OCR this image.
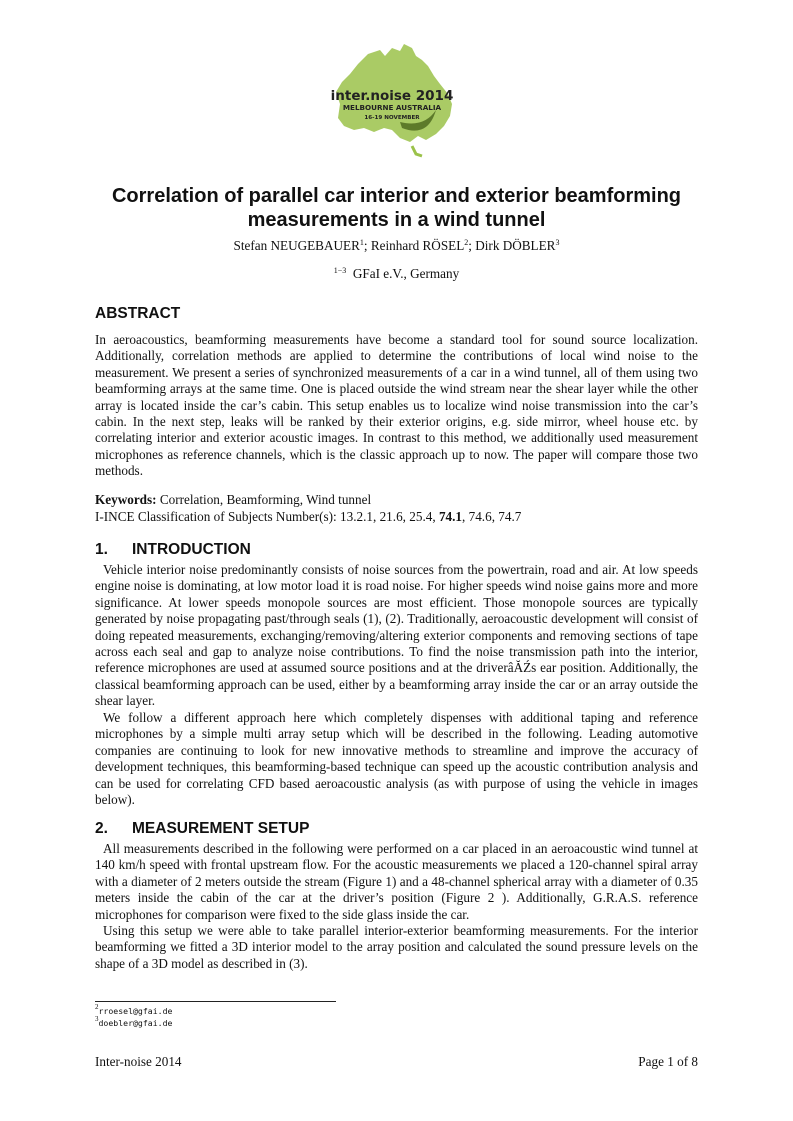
inter.noise 2014
MELBOURNE AUSTRALIA
16-19 NOVEMBER
Correlation of parallel car interior and exterior beamforming
measurements in a wind tunnel
Stefan NEUGEBAUER$^1$; Reinhard RÖSEL$^2$; Dirk DÖBLER$^3$
$^{1-3}$ GFaI e.V., Germany
ABSTRACT

In aeroacoustics, beamforming measurements have become a standard tool for sound source localization. Additionally, correlation methods are applied to determine the contributions of local wind noise to the measurement. We present a series of synchronized measurements of a car in a wind tunnel, all of them using two beamforming arrays at the same time. One is placed outside the wind stream near the shear layer while the other array is located inside the car’s cabin. This setup enables us to localize wind noise transmission into the car’s cabin. In the next step, leaks will be ranked by their exterior origins, e.g. side mirror, wheel house etc. by correlating interior and exterior acoustic images. In contrast to this method, we additionally used measurement microphones as reference channels, which is the classic approach up to now. The paper will compare those two methods.

Keywords: Correlation, Beamforming, Wind tunnel
I-INCE Classification of Subjects Number(s): 13.2.1, 21.6, 25.4, 74.1, 74.6, 74.7
1. INTRODUCTION

Vehicle interior noise predominantly consists of noise sources from the powertrain, road and air. At low speeds engine noise is dominating, at low motor load it is road noise. For higher speeds wind noise gains more and more significance. At lower speeds monopole sources are most efficient. Those monopole sources are typically generated by noise propagating past/through seals (1), (2). Traditionally, aeroacoustic development will consist of doing repeated measurements, exchanging/removing/altering exterior components and removing sections of tape across each seal and gap to analyze noise contributions. To find the noise transmission path into the interior, reference microphones are used at assumed source positions and at the driverâĂŹs ear position. Additionally, the classical beamforming approach can be used, either by a beamforming array inside the car or an array outside the shear layer.

We follow a different approach here which completely dispenses with additional taping and reference microphones by a simple multi array setup which will be described in the following. Leading automotive companies are continuing to look for new innovative methods to streamline and improve the accuracy of development techniques, this beamforming-based technique can speed up the acoustic contribution analysis and can be used for correlating CFD based aeroacoustic analysis (as with purpose of using the vehicle in images below).

2. MEASUREMENT SETUP

All measurements described in the following were performed on a car placed in an aeroacoustic wind tunnel at 140 km/h speed with frontal upstream flow. For the acoustic measurements we placed a 120-channel spiral array with a diameter of 2 meters outside the stream (Figure 1) and a 48-channel spherical array with a diameter of 0.35 meters inside the cabin of the car at the driver’s position (Figure 2 ). Additionally, G.R.A.S. reference microphones for comparison were fixed to the side glass inside the car.

Using this setup we were able to take parallel interior-exterior beamforming measurements. For the interior beamforming we fitted a 3D interior model to the array position and calculated the sound pressure levels on the shape of a 3D model as described in (3).

$^2$rroesel@gfai.de
$^3$doebler@gfai.de
Inter-noise 2014	Page 1 of 8
